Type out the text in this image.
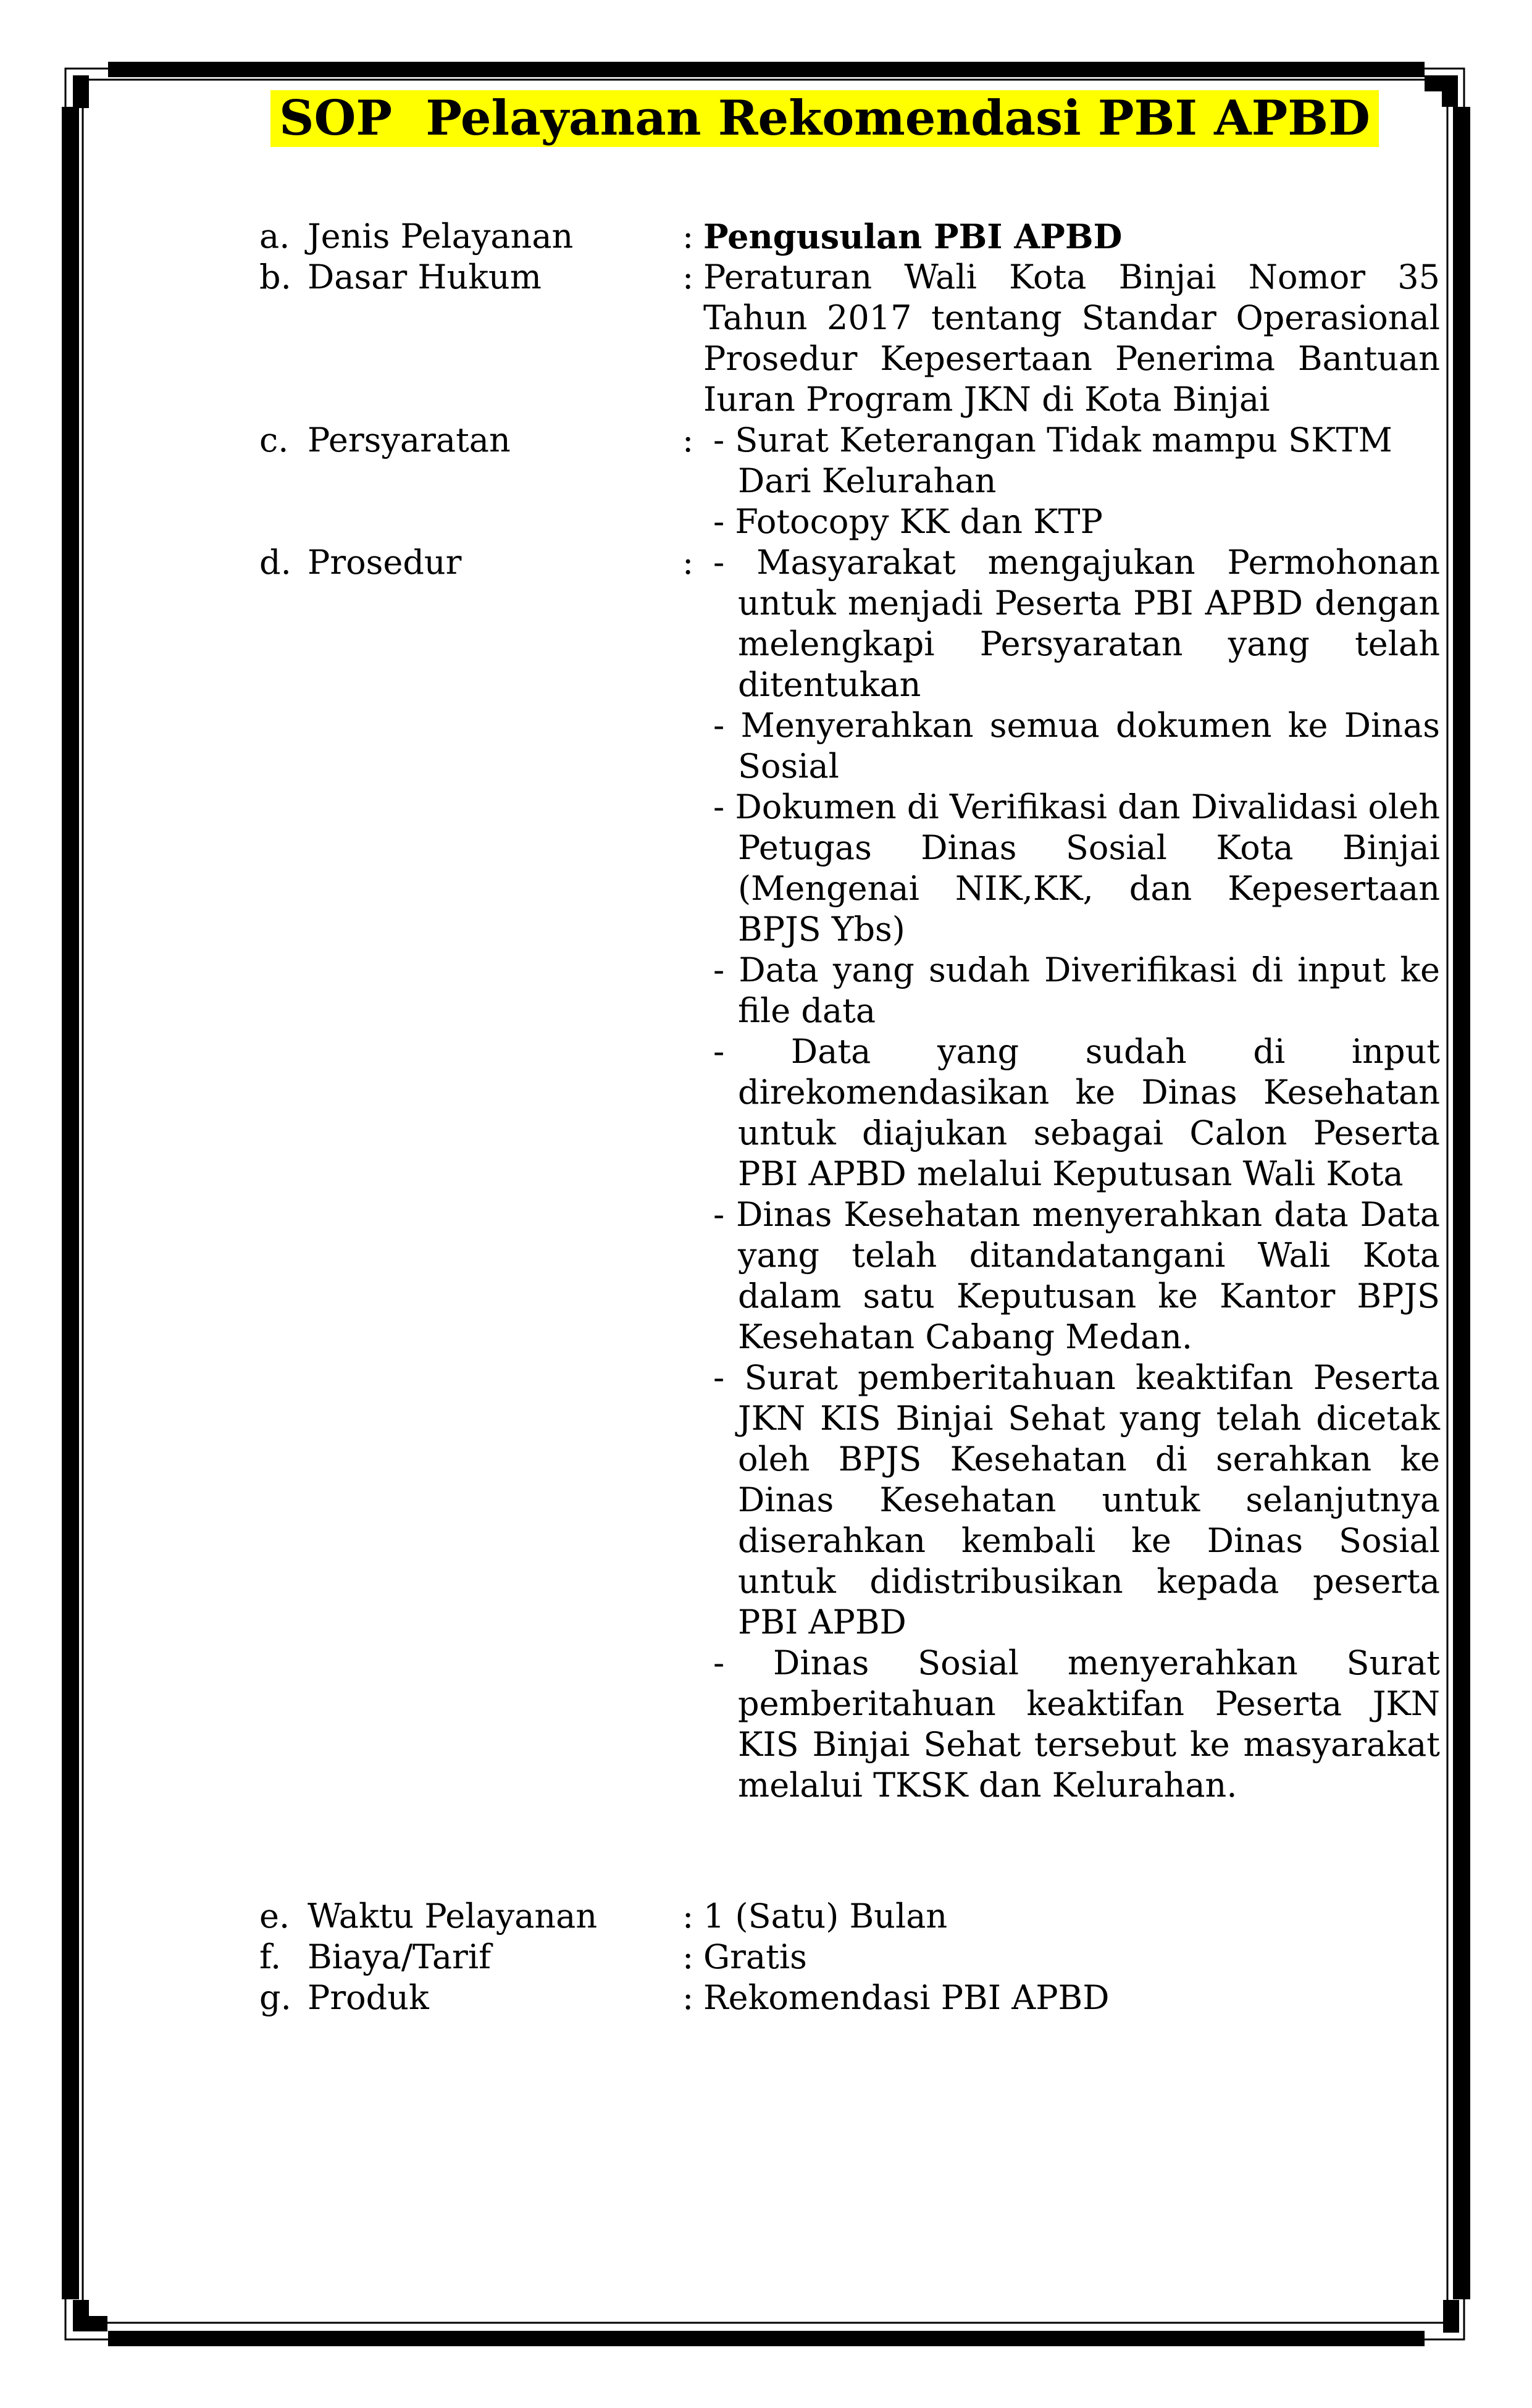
SOP  Pelayanan Rekomendasi PBI APBD
a. Jenis Pelayanan	: Pengusulan PBI APBD
b. Dasar Hukum	: Peraturan Wali Kota Binjai Nomor 35 Tahun 2017 tentang Standar Operasional Prosedur Kepesertaan Penerima Bantuan Iuran Program JKN di Kota Binjai
c. Persyaratan	: - Surat Keterangan Tidak mampu SKTM
Dari Kelurahan
- Fotocopy KK dan KTP
d. Prosedur	: - Masyarakat mengajukan Permohonan untuk menjadi Peserta PBI APBD dengan melengkapi Persyaratan yang telah ditentukan
- Menyerahkan semua dokumen ke Dinas Sosial
- Dokumen di Verifikasi dan Divalidasi oleh Petugas Dinas Sosial Kota Binjai (Mengenai NIK,KK, dan Kepesertaan BPJS Ybs)
- Data yang sudah Diverifikasi di input ke file data
- Data yang sudah di input direkomendasikan ke Dinas Kesehatan untuk diajukan sebagai Calon Peserta PBI APBD melalui Keputusan Wali Kota
- Dinas Kesehatan menyerahkan data Data yang telah ditandatangani Wali Kota dalam satu Keputusan ke Kantor BPJS Kesehatan Cabang Medan.
- Surat pemberitahuan keaktifan Peserta JKN KIS Binjai Sehat yang telah dicetak oleh BPJS Kesehatan di serahkan ke Dinas Kesehatan untuk selanjutnya diserahkan kembali ke Dinas Sosial untuk didistribusikan kepada peserta PBI APBD
- Dinas Sosial menyerahkan Surat pemberitahuan keaktifan Peserta JKN KIS Binjai Sehat tersebut ke masyarakat melalui TKSK dan Kelurahan.
e. Waktu Pelayanan	: 1 (Satu) Bulan
f. Biaya/Tarif	: Gratis
g. Produk	: Rekomendasi PBI APBD
